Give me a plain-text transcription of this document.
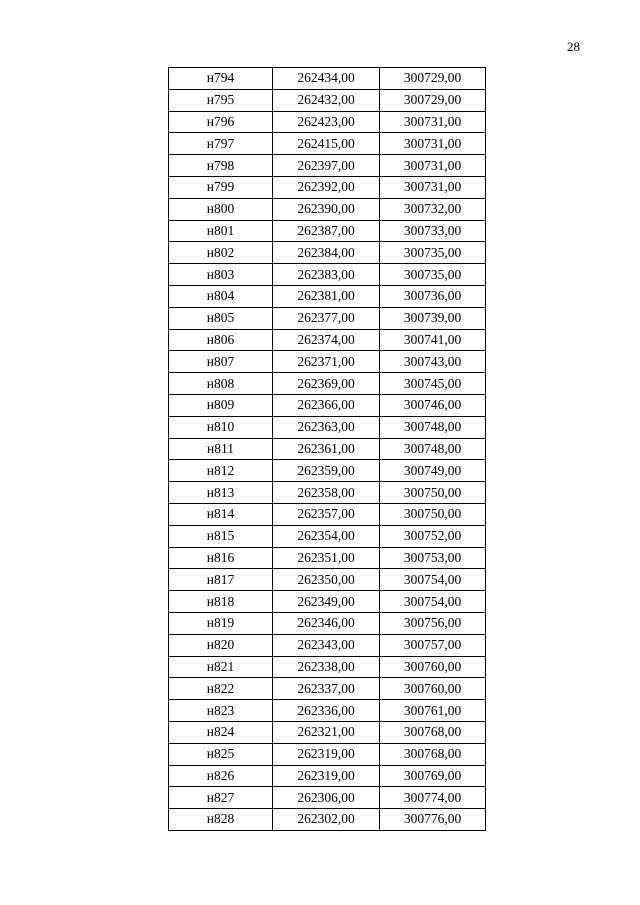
28
н794	262434,00	300729,00
н795	262432,00	300729,00
н796	262423,00	300731,00
н797	262415,00	300731,00
н798	262397,00	300731,00
н799	262392,00	300731,00
н800	262390,00	300732,00
н801	262387,00	300733,00
н802	262384,00	300735,00
н803	262383,00	300735,00
н804	262381,00	300736,00
н805	262377,00	300739,00
н806	262374,00	300741,00
н807	262371,00	300743,00
н808	262369,00	300745,00
н809	262366,00	300746,00
н810	262363,00	300748,00
н811	262361,00	300748,00
н812	262359,00	300749,00
н813	262358,00	300750,00
н814	262357,00	300750,00
н815	262354,00	300752,00
н816	262351,00	300753,00
н817	262350,00	300754,00
н818	262349,00	300754,00
н819	262346,00	300756,00
н820	262343,00	300757,00
н821	262338,00	300760,00
н822	262337,00	300760,00
н823	262336,00	300761,00
н824	262321,00	300768,00
н825	262319,00	300768,00
н826	262319,00	300769,00
н827	262306,00	300774,00
н828	262302,00	300776,00
